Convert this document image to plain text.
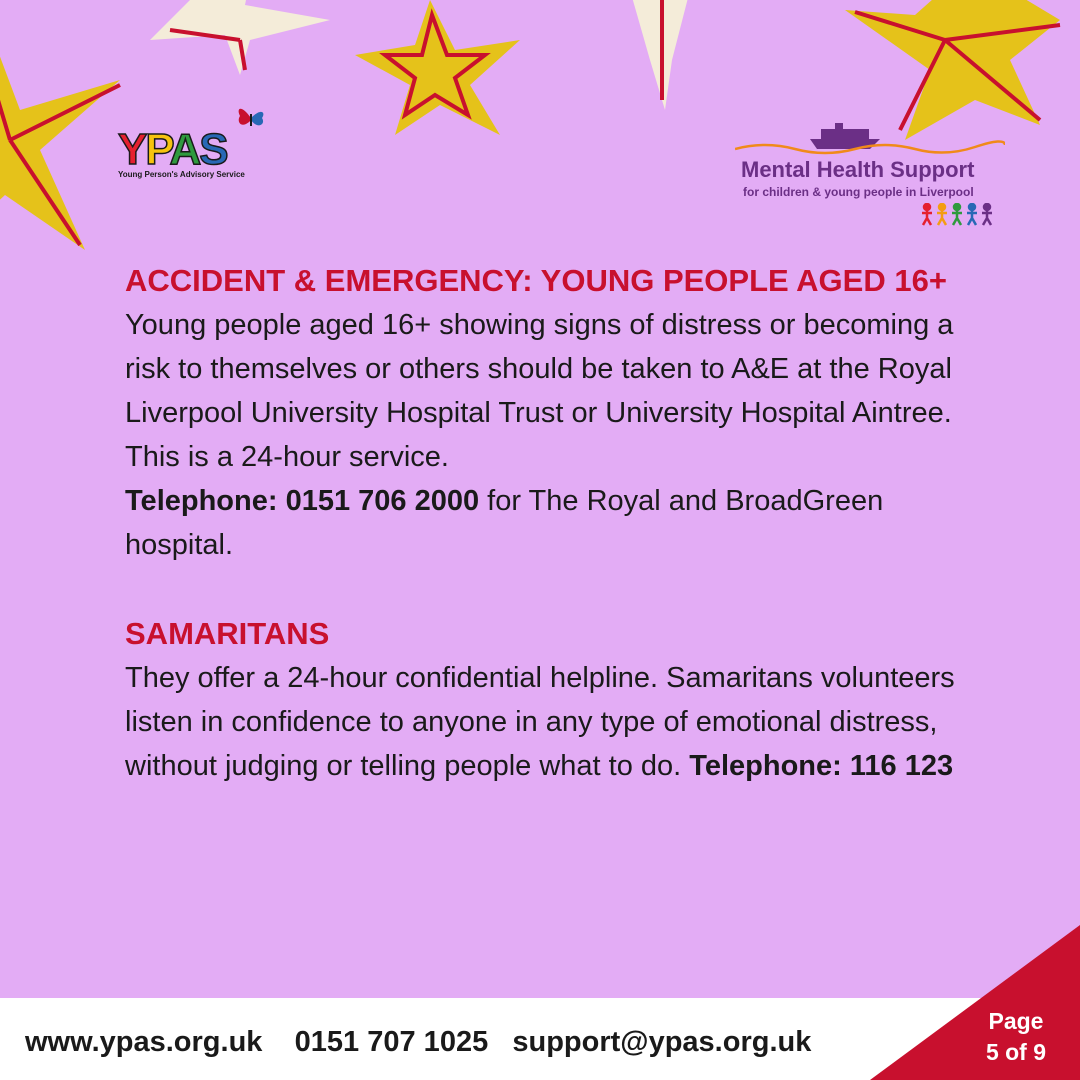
YPAS
Young Person's Advisory Service	Mental Health Support
for children & young people in Liverpool
ACCIDENT & EMERGENCY: YOUNG PEOPLE AGED 16+

Young people aged 16+ showing signs of distress or becoming a risk to themselves or others should be taken to A&E at the Royal Liverpool University Hospital Trust or University Hospital Aintree. This is a 24-hour service.
Telephone: 0151 706 2000 for The Royal and BroadGreen hospital.

SAMARITANS

They offer a 24-hour confidential helpline. Samaritans volunteers listen in confidence to anyone in any type of emotional distress, without judging or telling people what to do. Telephone: 116 123

www.ypas.org.uk 0151 707 1025 support@ypas.org.uk
Page
5 of 9
